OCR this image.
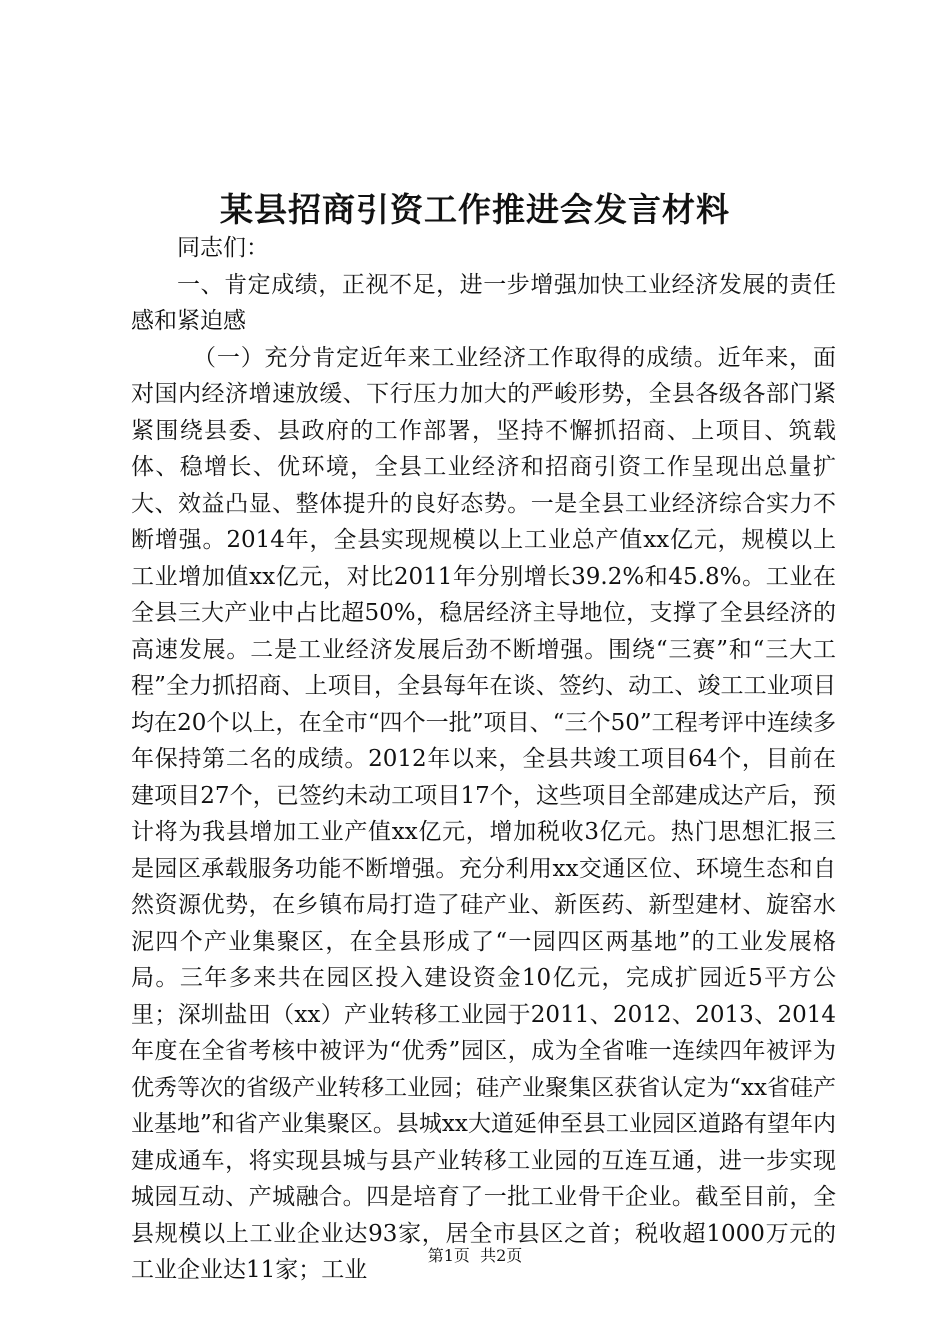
某县招商引资工作推进会发言材料

同志们：

一、肯定成绩，正视不足，进一步增强加快工业经济发展的责任感和紧迫感

（一）充分肯定近年来工业经济工作取得的成绩。近年来，面对国内经济增速放缓、下行压力加大的严峻形势，全县各级各部门紧紧围绕县委、县政府的工作部署，坚持不懈抓招商、上项目、筑载体、稳增长、优环境，全县工业经济和招商引资工作呈现出总量扩大、效益凸显、整体提升的良好态势。一是全县工业经济综合实力不断增强。2014年，全县实现规模以上工业总产值xx亿元，规模以上工业增加值xx亿元，对比2011年分别增长39.2%和45.8%。工业在全县三大产业中占比超50%，稳居经济主导地位，支撑了全县经济的高速发展。二是工业经济发展后劲不断增强。围绕“三赛”和“三大工程”全力抓招商、上项目，全县每年在谈、签约、动工、竣工工业项目均在20个以上，在全市“四个一批”项目、“三个50”工程考评中连续多年保持第二名的成绩。2012年以来，全县共竣工项目64个，目前在建项目27个，已签约未动工项目17个，这些项目全部建成达产后，预计将为我县增加工业产值xx亿元，增加税收3亿元。热门思想汇报三是园区承载服务功能不断增强。充分利用xx交通区位、环境生态和自然资源优势，在乡镇布局打造了硅产业、新医药、新型建材、旋窑水泥四个产业集聚区，在全县形成了“一园四区两基地”的工业发展格局。三年多来共在园区投入建设资金10亿元，完成扩园近5平方公里；深圳盐田（xx）产业转移工业园于2011、2012、2013、2014年度在全省考核中被评为“优秀”园区，成为全省唯一连续四年被评为优秀等次的省级产业转移工业园；硅产业聚集区获省认定为“xx省硅产业基地”和省产业集聚区。县城xx大道延伸至县工业园区道路有望年内建成通车，将实现县城与县产业转移工业园的互连互通，进一步实现城园互动、产城融合。四是培育了一批工业骨干企业。截至目前，全县规模以上工业企业达93家，居全市县区之首；税收超1000万元的工业企业达11家；工业

第1页 共2页
